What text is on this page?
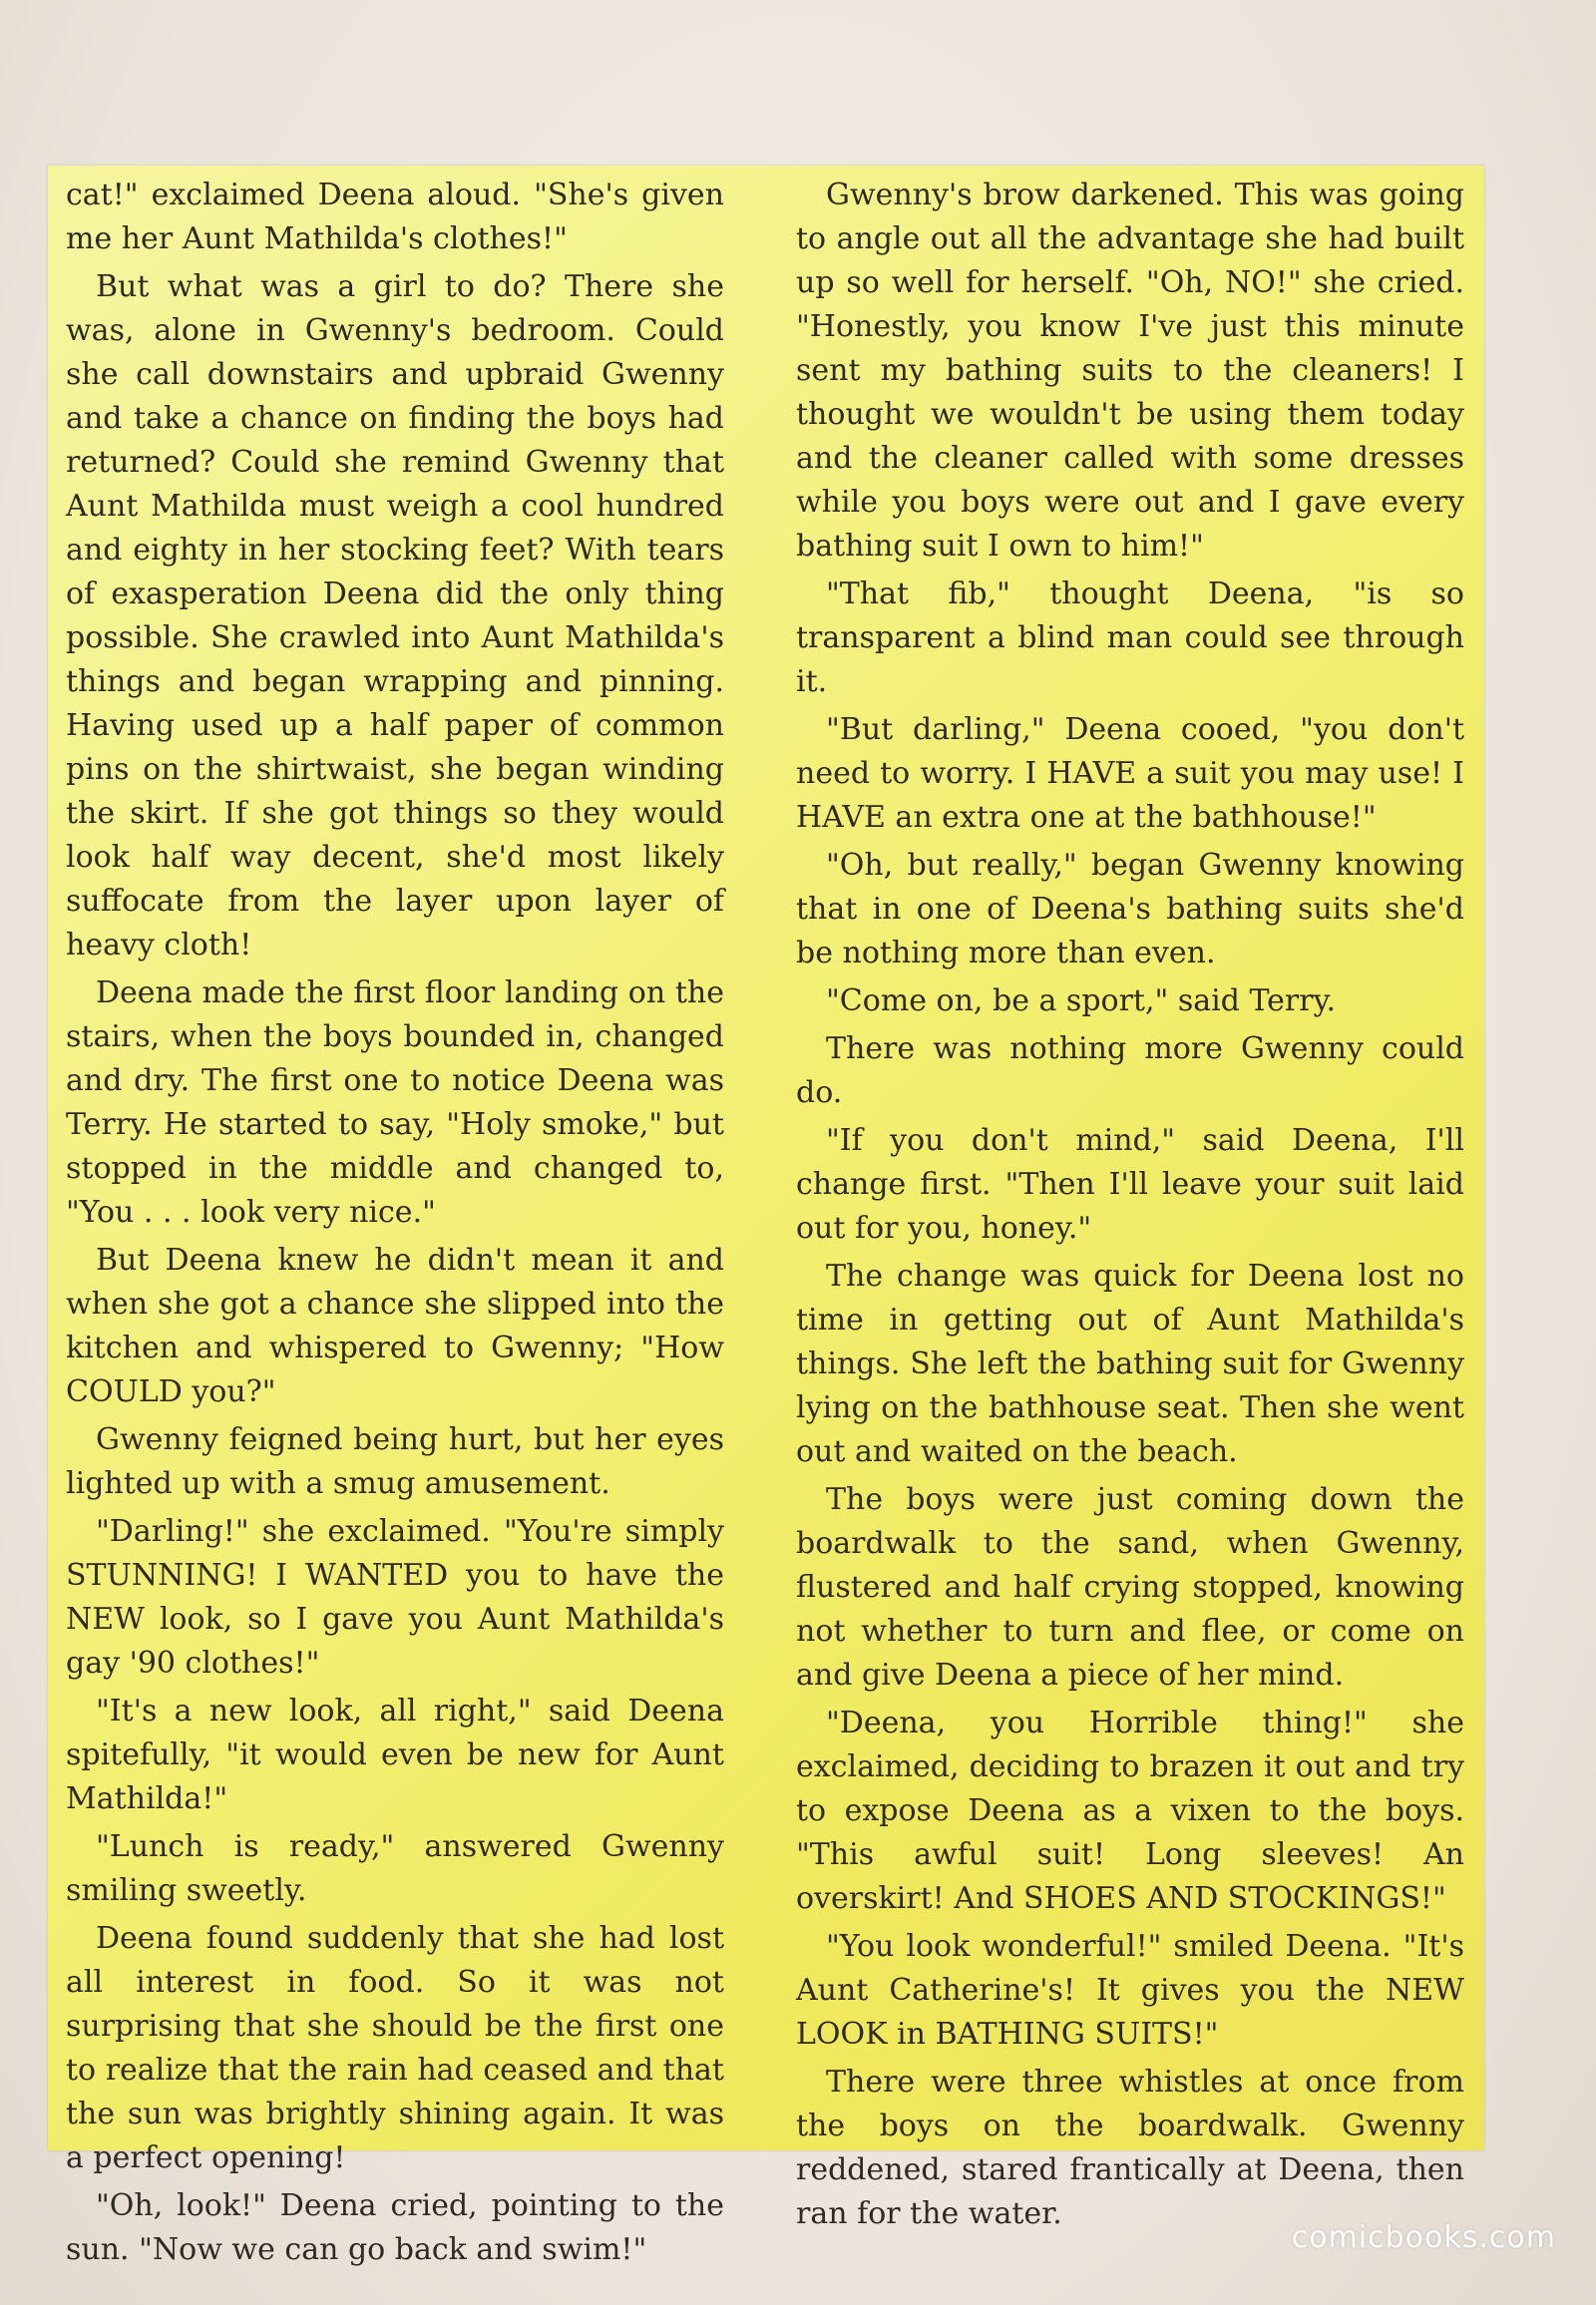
cat!" exclaimed Deena aloud. "She's given me her Aunt Mathilda's clothes!"

But what was a girl to do? There she was, alone in Gwenny's bedroom. Could she call downstairs and upbraid Gwenny and take a chance on finding the boys had returned? Could she remind Gwenny that Aunt Mathilda must weigh a cool hundred and eighty in her stocking feet? With tears of exasperation Deena did the only thing possible. She crawled into Aunt Mathilda's things and began wrapping and pinning. Having used up a half paper of common pins on the shirtwaist, she began winding the skirt. If she got things so they would look half way decent, she'd most likely suffocate from the layer upon layer of heavy cloth!

Deena made the first floor landing on the stairs, when the boys bounded in, changed and dry. The first one to notice Deena was Terry. He started to say, "Holy smoke," but stopped in the middle and changed to, "You . . . look very nice."

But Deena knew he didn't mean it and when she got a chance she slipped into the kitchen and whispered to Gwenny; "How COULD you?"

Gwenny feigned being hurt, but her eyes lighted up with a smug amusement.

"Darling!" she exclaimed. "You're simply STUNNING! I WANTED you to have the NEW look, so I gave you Aunt Mathilda's gay '90 clothes!"

"It's a new look, all right," said Deena spitefully, "it would even be new for Aunt Mathilda!"

"Lunch is ready," answered Gwenny smiling sweetly.

Deena found suddenly that she had lost all interest in food. So it was not surprising that she should be the first one to realize that the rain had ceased and that the sun was brightly shining again. It was a perfect opening!

"Oh, look!" Deena cried, pointing to the sun. "Now we can go back and swim!"

Gwenny's brow darkened. This was going to angle out all the advantage she had built up so well for herself. "Oh, NO!" she cried. "Honestly, you know I've just this minute sent my bathing suits to the cleaners! I thought we wouldn't be using them today and the cleaner called with some dresses while you boys were out and I gave every bathing suit I own to him!"

"That fib," thought Deena, "is so transparent a blind man could see through it.

"But darling," Deena cooed, "you don't need to worry. I HAVE a suit you may use! I HAVE an extra one at the bathhouse!"

"Oh, but really," began Gwenny knowing that in one of Deena's bathing suits she'd be nothing more than even.

"Come on, be a sport," said Terry.

There was nothing more Gwenny could do.

"If you don't mind," said Deena, I'll change first. "Then I'll leave your suit laid out for you, honey."

The change was quick for Deena lost no time in getting out of Aunt Mathilda's things. She left the bathing suit for Gwenny lying on the bathhouse seat. Then she went out and waited on the beach.

The boys were just coming down the boardwalk to the sand, when Gwenny, flustered and half crying stopped, knowing not whether to turn and flee, or come on and give Deena a piece of her mind.

"Deena, you Horrible thing!" she exclaimed, deciding to brazen it out and try to expose Deena as a vixen to the boys. "This awful suit! Long sleeves! An overskirt! And SHOES AND STOCKINGS!"

"You look wonderful!" smiled Deena. "It's Aunt Catherine's! It gives you the NEW LOOK in BATHING SUITS!"

There were three whistles at once from the boys on the boardwalk. Gwenny reddened, stared frantically at Deena, then ran for the water.

comicbooks.com
